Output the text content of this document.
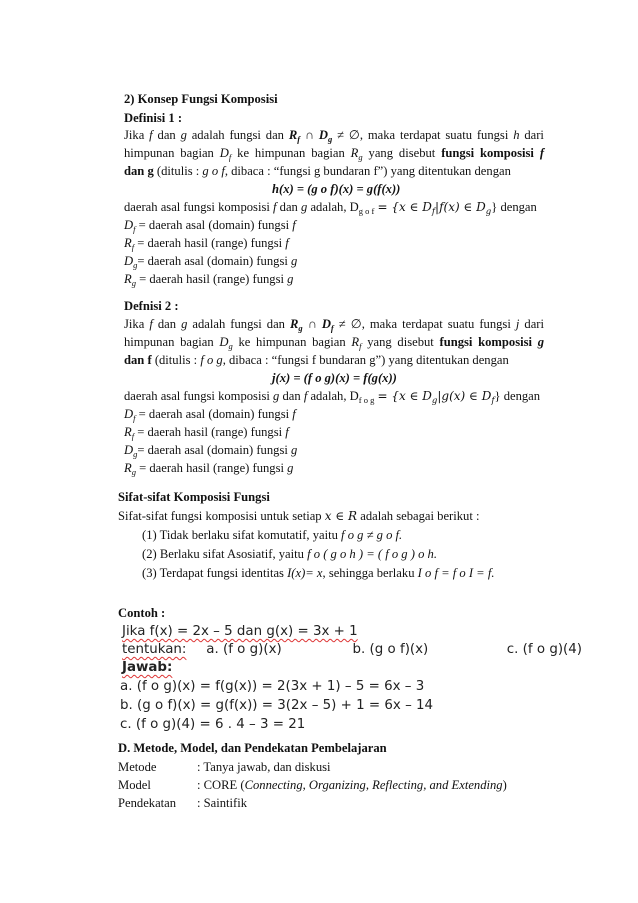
2) Konsep Fungsi Komposisi
Definisi 1 :
Jika f dan g adalah fungsi dan $R_f$ ∩ $D_g$ ≠ ∅, maka terdapat suatu fungsi h dari
himpunan bagian $D_f$ ke himpunan bagian $R_g$ yang disebut fungsi komposisi f
dan g (ditulis : g o f, dibaca : “fungsi g bundaran f”) yang ditentukan dengan
h(x) = (g o f)(x) = g(f(x))
daerah asal fungsi komposisi f dan g adalah, $D_{g o f} = \{x$ ∈ $D_f|f(x)$ ∈ $D_g$} dengan
$D_f$ = daerah asal (domain) fungsi f
$R_f$ = daerah hasil (range) fungsi f
$D_g=$ daerah asal (domain) fungsi g
$R_g$ = daerah hasil (range) fungsi g
Defnisi 2 :
Jika f dan g adalah fungsi dan $R_g$ ∩ $D_f$ ≠ ∅, maka terdapat suatu fungsi j dari
himpunan bagian $D_g$ ke himpunan bagian $R_f$ yang disebut fungsi komposisi g
dan f (ditulis : f o g, dibaca : “fungsi f bundaran g”) yang ditentukan dengan
j(x) = (f o g)(x) = f(g(x))
daerah asal fungsi komposisi g dan f adalah, $D_{f o g} = \{x$ ∈ $D_g|g(x)$ ∈ $D_f$} dengan
$D_f$ = daerah asal (domain) fungsi f
$R_f$ = daerah hasil (range) fungsi f
$D_g=$ daerah asal (domain) fungsi g
$R_g$ = daerah hasil (range) fungsi g
Sifat-sifat Komposisi Fungsi
Sifat-sifat fungsi komposisi untuk setiap x ∈ R adalah sebagai berikut :
(1) Tidak berlaku sifat komutatif, yaitu f o g ≠ g o f.
(2) Berlaku sifat Asosiatif, yaitu f o ( g o h ) = ( f o g ) o h.
(3) Terdapat fungsi identitas I(x)= x, sehingga berlaku I o f = f o I = f.
Contoh :
Jika f(x) = 2x – 5 dan g(x) = 3x + 1
tentukan: a. (f o g)(x)	b. (g o f)(x)	c. (f o g)(4)
Jawab:
a. (f o g)(x) = f(g(x)) = 2(3x + 1) – 5 = 6x – 3
b. (g o f)(x) = g(f(x)) = 3(2x – 5) + 1 = 6x – 14
c. (f o g)(4) = 6 . 4 – 3 = 21
D. Metode, Model, dan Pendekatan Pembelajaran
Metode	: Tanya jawab, dan diskusi
Model	: CORE (Connecting, Organizing, Reflecting, and Extending)
Pendekatan : Saintifik
